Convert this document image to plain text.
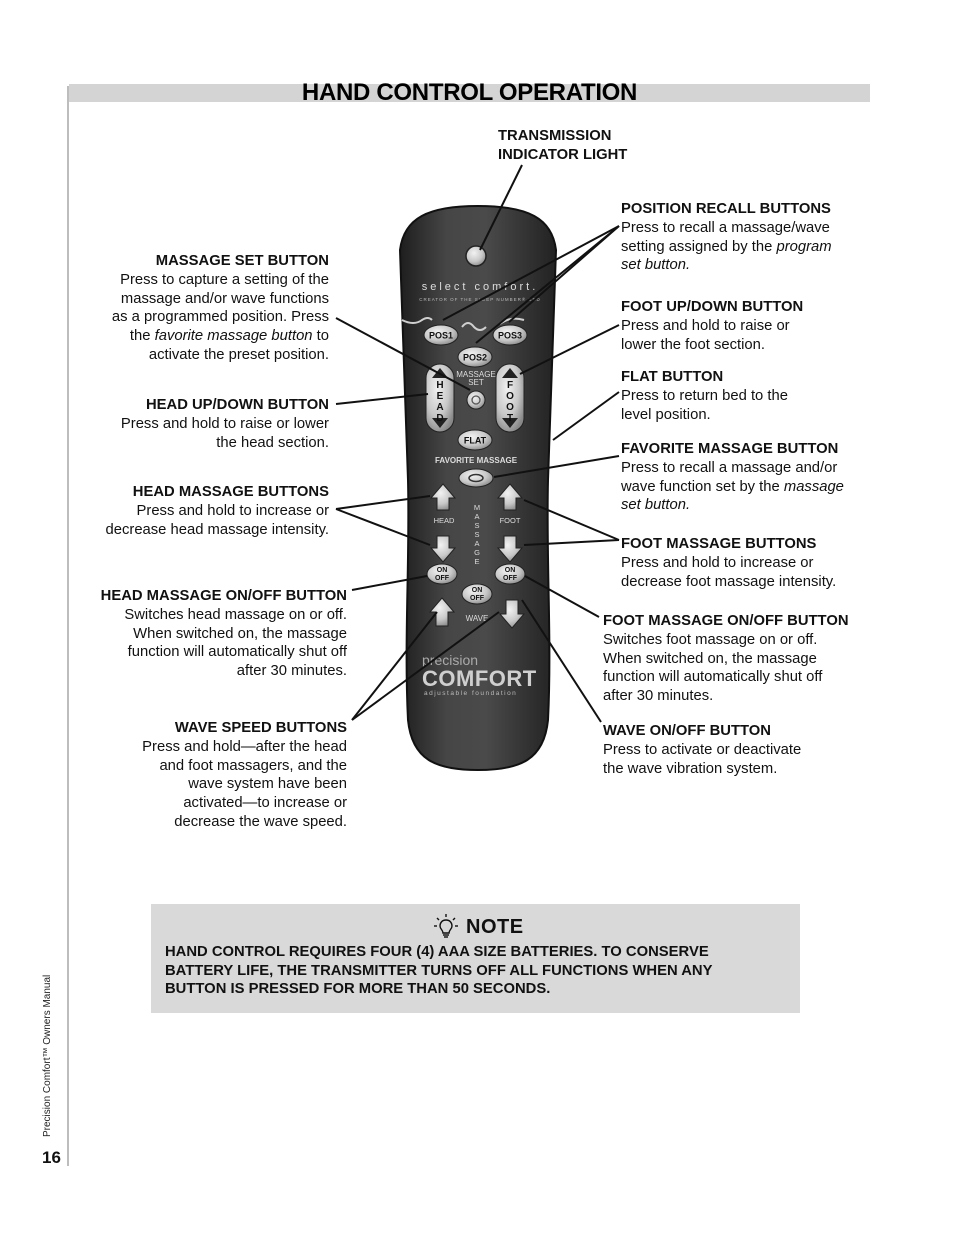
HAND CONTROL OPERATION
select comfort.
CREATOR OF THE SLEEP NUMBER® BED
POS1	POS3
POS2
MASSAGE
SET
H
E
A
D
F
O
O
T
FLAT
FAVORITE MASSAGE
HEAD	FOOT
M
A
S
S
A
G
E
ON
OFF
ON
OFF
ON
OFF
WAVE
precision
COMFORT
adjustable foundation
TRANSMISSION
INDICATOR LIGHT
POSITION RECALL BUTTONS
Press to recall a massage/wave
setting assigned by the program
set button.
MASSAGE SET BUTTON
Press to capture a setting of the
massage and/or wave functions
as a programmed position. Press
the favorite massage button to
activate the preset position.
FOOT UP/DOWN BUTTON
Press and hold to raise or
lower the foot section.
FLAT BUTTON
Press to return bed to the
level position.
HEAD UP/DOWN BUTTON
Press and hold to raise or lower
the head section.	FAVORITE MASSAGE BUTTON
Press to recall a massage and/or
wave function set by the massage
set button.
HEAD MASSAGE BUTTONS
Press and hold to increase or
decrease head massage intensity.
FOOT MASSAGE BUTTONS
Press and hold to increase or
decrease foot massage intensity.
HEAD MASSAGE ON/OFF BUTTON
Switches head massage on or off.
When switched on, the massage
function will automatically shut off
after 30 minutes.
FOOT MASSAGE ON/OFF BUTTON
Switches foot massage on or off.
When switched on, the massage
function will automatically shut off
after 30 minutes.
WAVE SPEED BUTTONS
Press and hold—after the head
and foot massagers, and the
wave system have been
activated—to increase or
decrease the wave speed.
WAVE ON/OFF BUTTON
Press to activate or deactivate
the wave vibration system.
NOTE
HAND CONTROL REQUIRES FOUR (4) AAA SIZE BATTERIES. TO CONSERVE
BATTERY LIFE, THE TRANSMITTER TURNS OFF ALL FUNCTIONS WHEN ANY
BUTTON IS PRESSED FOR MORE THAN 50 SECONDS.
Precision Comfort™ Owners Manual
16
